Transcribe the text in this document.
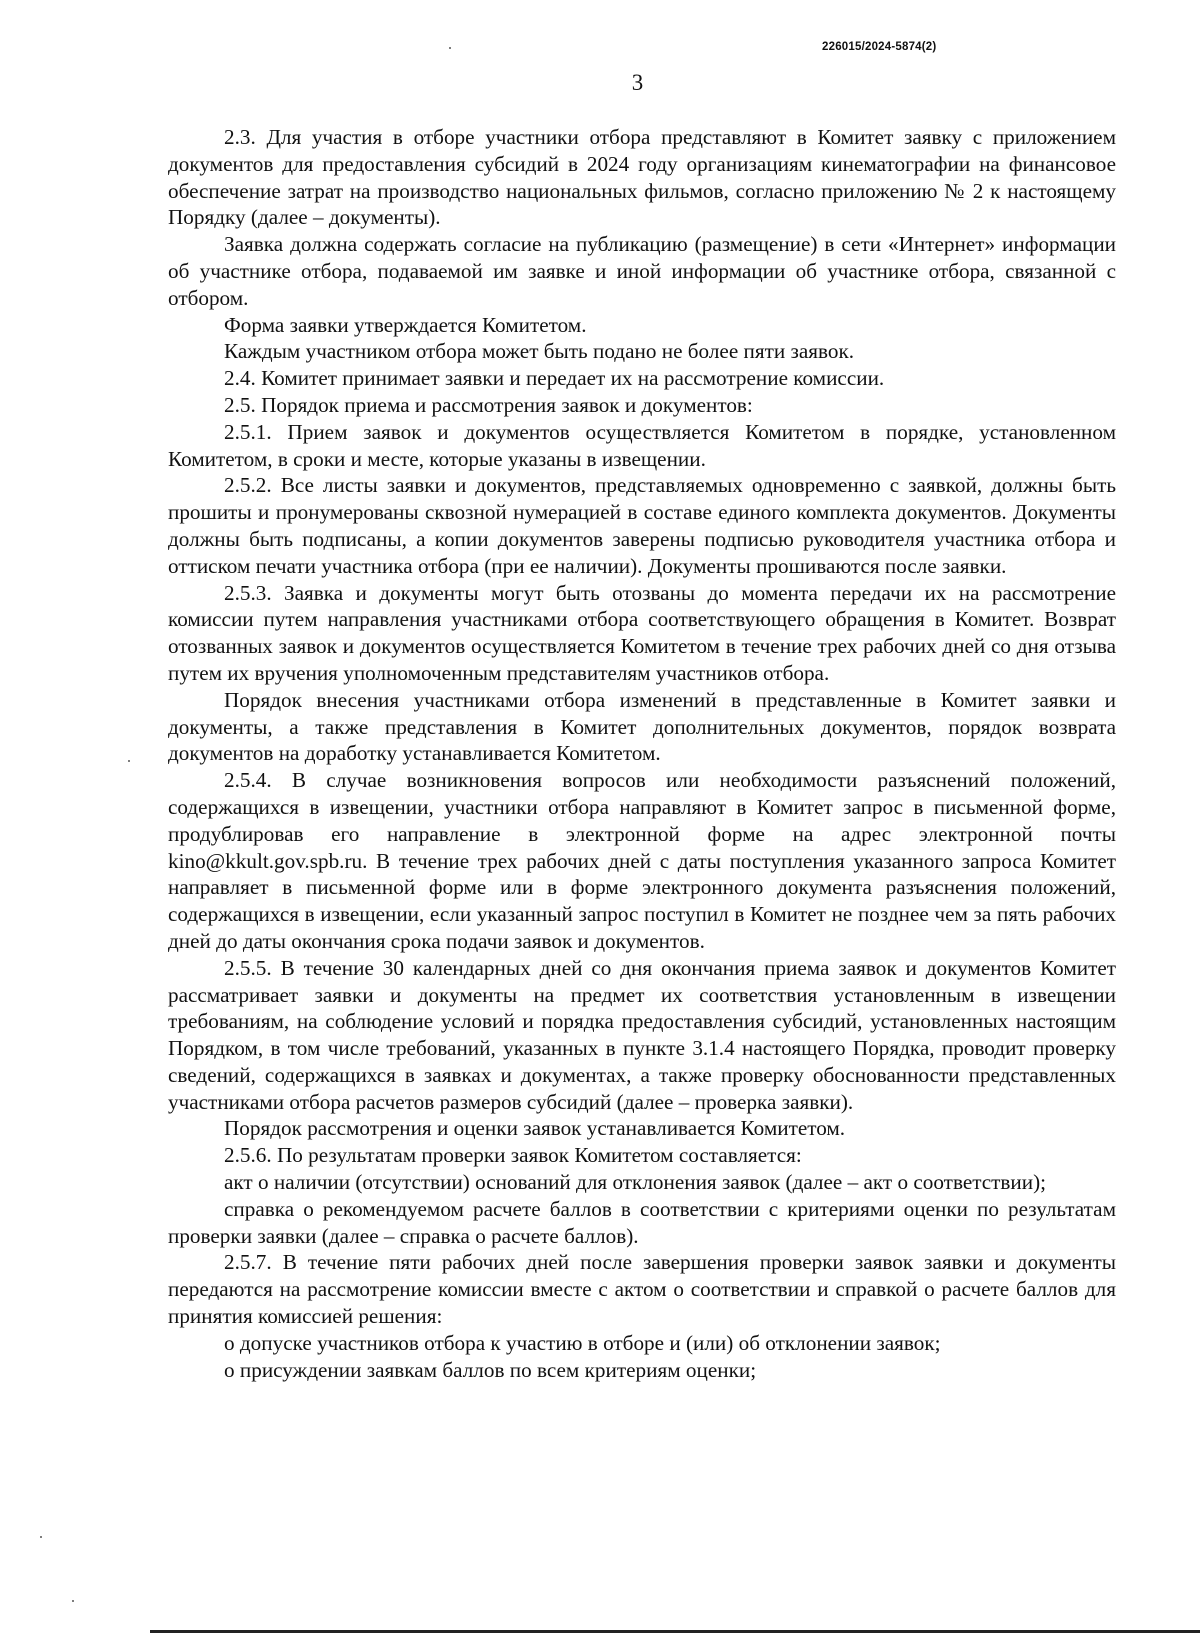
226015/2024-5874(2)
3

2.3. Для участия в отборе участники отбора представляют в Комитет заявку с приложением документов для предоставления субсидий в 2024 году организациям кинематографии на финансовое обеспечение затрат на производство национальных фильмов, согласно приложению № 2 к настоящему Порядку (далее – документы).

Заявка должна содержать согласие на публикацию (размещение) в сети «Интернет» информации об участнике отбора, подаваемой им заявке и иной информации об участнике отбора, связанной с отбором.

Форма заявки утверждается Комитетом.

Каждым участником отбора может быть подано не более пяти заявок.

2.4. Комитет принимает заявки и передает их на рассмотрение комиссии.

2.5. Порядок приема и рассмотрения заявок и документов:

2.5.1. Прием заявок и документов осуществляется Комитетом в порядке, установленном Комитетом, в сроки и месте, которые указаны в извещении.

2.5.2. Все листы заявки и документов, представляемых одновременно с заявкой, должны быть прошиты и пронумерованы сквозной нумерацией в составе единого комплекта документов. Документы должны быть подписаны, а копии документов заверены подписью руководителя участника отбора и оттиском печати участника отбора (при ее наличии). Документы прошиваются после заявки.

2.5.3. Заявка и документы могут быть отозваны до момента передачи их на рассмотрение комиссии путем направления участниками отбора соответствующего обращения в Комитет. Возврат отозванных заявок и документов осуществляется Комитетом в течение трех рабочих дней со дня отзыва путем их вручения уполномоченным представителям участников отбора.

Порядок внесения участниками отбора изменений в представленные в Комитет заявки и документы, а также представления в Комитет дополнительных документов, порядок возврата документов на доработку устанавливается Комитетом.

2.5.4. В случае возникновения вопросов или необходимости разъяснений положений, содержащихся в извещении, участники отбора направляют в Комитет запрос в письменной форме, продублировав его направление в электронной форме на адрес электронной почты kino@kkult.gov.spb.ru. В течение трех рабочих дней с даты поступления указанного запроса Комитет направляет в письменной форме или в форме электронного документа разъяснения положений, содержащихся в извещении, если указанный запрос поступил в Комитет не позднее чем за пять рабочих дней до даты окончания срока подачи заявок и документов.

2.5.5. В течение 30 календарных дней со дня окончания приема заявок и документов Комитет рассматривает заявки и документы на предмет их соответствия установленным в извещении требованиям, на соблюдение условий и порядка предоставления субсидий, установленных настоящим Порядком, в том числе требований, указанных в пункте 3.1.4 настоящего Порядка, проводит проверку сведений, содержащихся в заявках и документах, а также проверку обоснованности представленных участниками отбора расчетов размеров субсидий (далее – проверка заявки).

Порядок рассмотрения и оценки заявок устанавливается Комитетом.

2.5.6. По результатам проверки заявок Комитетом составляется:

акт о наличии (отсутствии) оснований для отклонения заявок (далее – акт о соответствии);

справка о рекомендуемом расчете баллов в соответствии с критериями оценки по результатам проверки заявки (далее – справка о расчете баллов).

2.5.7. В течение пяти рабочих дней после завершения проверки заявок заявки и документы передаются на рассмотрение комиссии вместе с актом о соответствии и справкой о расчете баллов для принятия комиссией решения:

о допуске участников отбора к участию в отборе и (или) об отклонении заявок;

о присуждении заявкам баллов по всем критериям оценки;
